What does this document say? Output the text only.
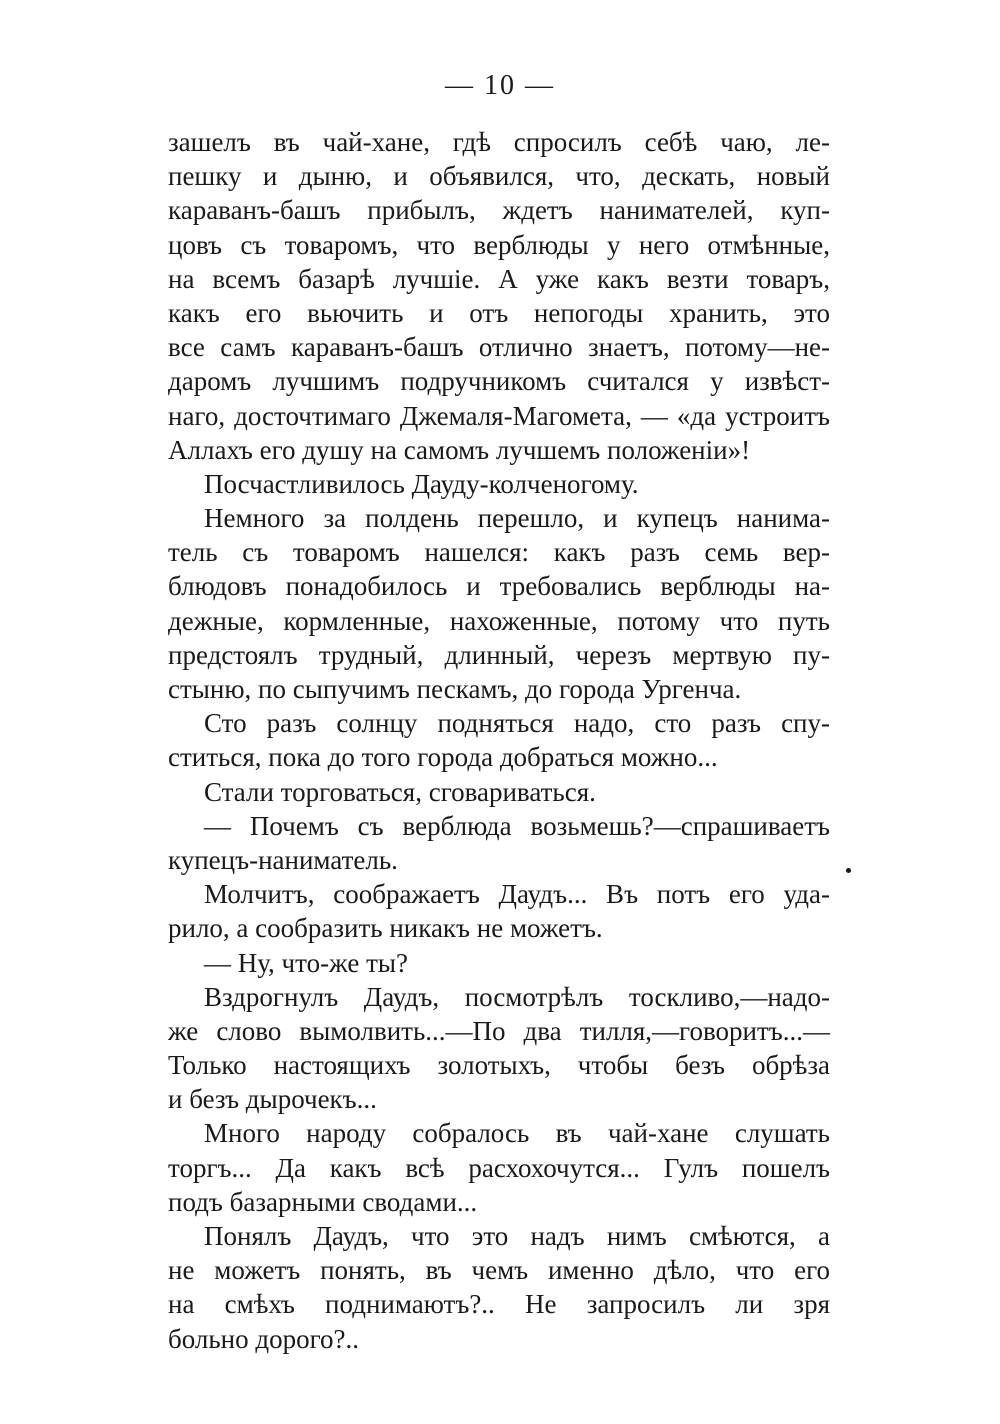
— 10 —
зашелъ въ чай-хане, гдѣ спросилъ себѣ чаю, ле-
пешку и дыню, и объявился, что, дескать, новый
караванъ-башъ прибылъ, ждетъ нанимателей, куп-
цовъ съ товаромъ, что верблюды у него отмѣнные,
на всемъ базарѣ лучшіе. А уже какъ везти товаръ,
какъ его вьючить и отъ непогоды хранить, это
все самъ караванъ-башъ отлично знаетъ, потому—не-
даромъ лучшимъ подручникомъ считался у извѣст-
наго, досточтимаго Джемаля-Магомета, — «да устроитъ
Аллахъ его душу на самомъ лучшемъ положеніи»!
Посчастливилось Дауду-колченогому.
Немного за полдень перешло, и купецъ нанима-
тель съ товаромъ нашелся: какъ разъ семь вер-
блюдовъ понадобилось и требовались верблюды на-
дежные, кормленные, нахоженные, потому что путь
предстоялъ трудный, длинный, черезъ мертвую пу-
стыню, по сыпучимъ пескамъ, до города Ургенча.
Сто разъ солнцу подняться надо, сто разъ спу-
ститься, пока до того города добраться можно...
Стали торговаться, сговариваться.
— Почемъ съ верблюда возьмешь?—спрашиваетъ
купецъ-наниматель.
Молчитъ, соображаетъ Даудъ... Въ потъ его уда-
рило, а сообразить никакъ не можетъ.
— Ну, что-же ты?
Вздрогнулъ Даудъ, посмотрѣлъ тоскливо,—надо-
же слово вымолвить...—По два тилля,—говоритъ...—
Только настоящихъ золотыхъ, чтобы безъ обрѣза
и безъ дырочекъ...
Много народу собралось въ чай-хане слушать
торгъ... Да какъ всѣ расхохочутся... Гулъ пошелъ
подъ базарными сводами...
Понялъ Даудъ, что это надъ нимъ смѣются, а
не можетъ понять, въ чемъ именно дѣло, что его
на смѣхъ поднимаютъ?.. Не запросилъ ли зря
больно дорого?..
